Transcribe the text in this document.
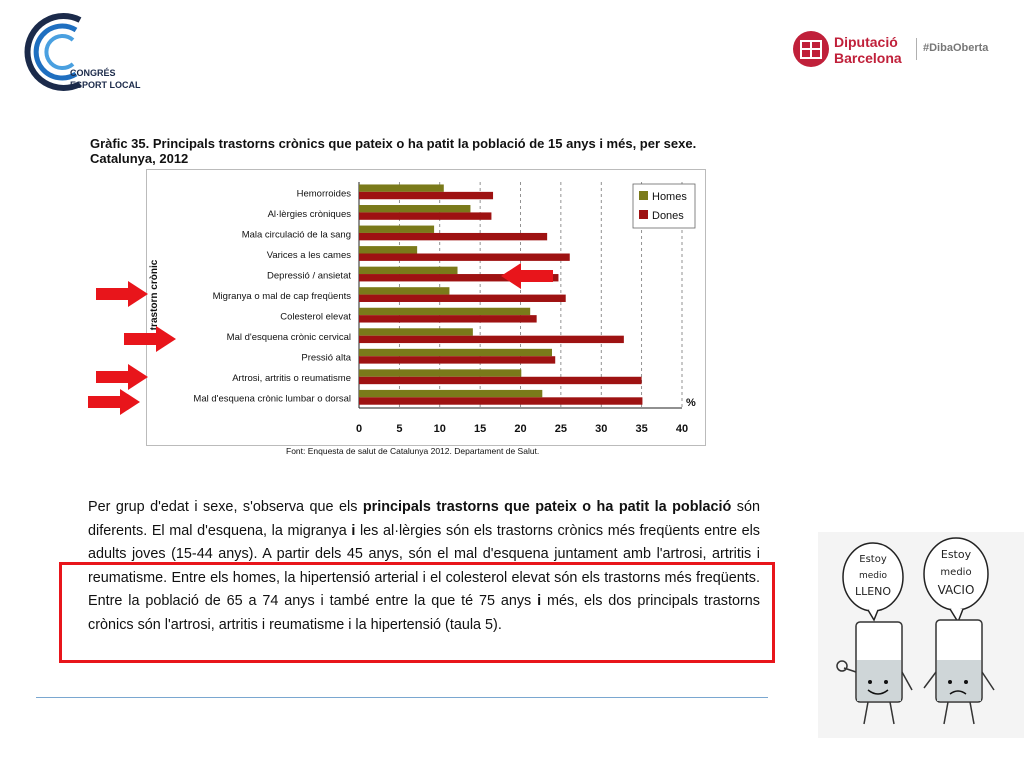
CONGRÉS
ESPORT LOCAL
Diputació
Barcelona
#DibaOberta
Gràfic 35. Principals trastorns crònics que pateix o ha patit la població de 15 anys i més, per sexe. Catalunya, 2012
0	5	10	15	20	25	30	35	40
Hemorroides
Al·lèrgies cròniques
Mala circulació de la sang
Varices a les cames
Depressió / ansietat
Migranya o mal de cap freqüents
Colesterol elevat
Mal d'esquena crònic cervical
Pressió alta
Artrosi, artritis o reumatisme
Mal d'esquena crònic lumbar o dorsal
trastorn crònic
%
Homes
Dones
Font: Enquesta de salut de Catalunya 2012. Departament de Salut.
Per grup d'edat i sexe, s'observa que els principals trastorns que pateix o ha patit la població són diferents. El mal d'esquena, la migranya i les al·lèrgies són els trastorns crònics més freqüents entre els adults joves (15-44 anys). A partir dels 45 anys, són el mal d'esquena juntament amb l'artrosi, artritis i reumatisme. Entre els homes, la hipertensió arterial i el colesterol elevat són els trastorns més freqüents. Entre la població de 65 a 74 anys i també entre la que té 75 anys i més, els dos principals trastorns crònics són l'artrosi, artritis i reumatisme i la hipertensió (taula 5).
Estoy
medio
LLENO
Estoy
medio
VACIO
